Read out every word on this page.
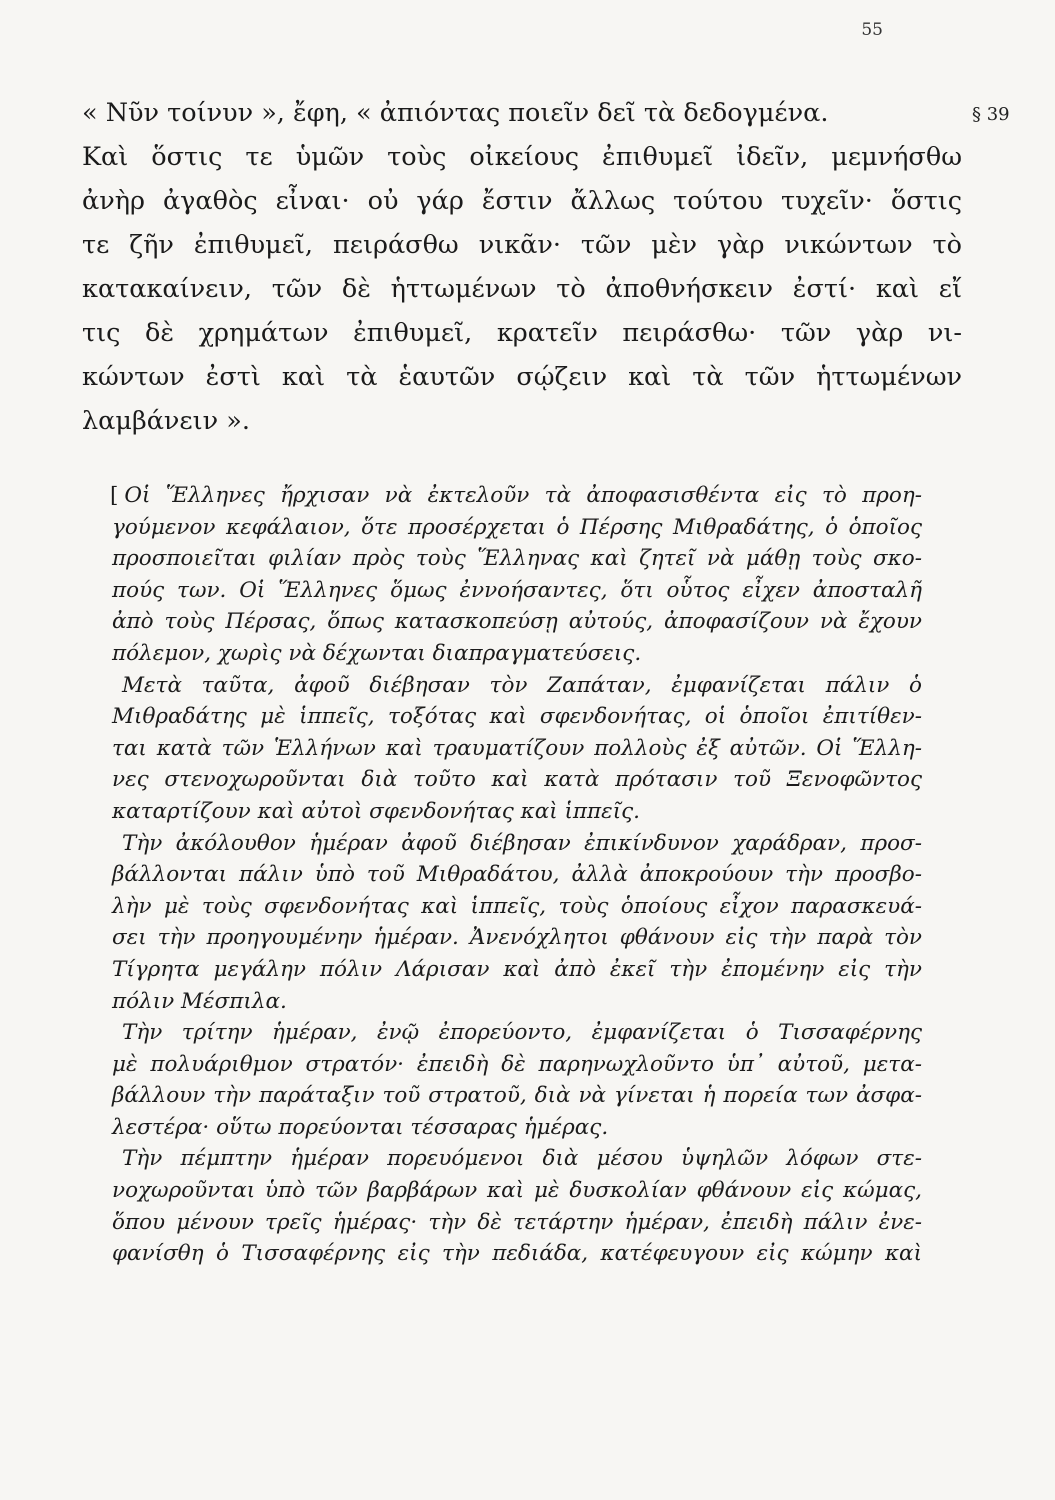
55
§ 39
« Νῦν τοίνυν », ἔφη, « ἀπιόντας ποιεῖν δεῖ τὰ δεδογμένα.
Καὶ ὅστις τε ὑμῶν τοὺς οἰκείους ἐπιθυμεῖ ἰδεῖν, μεμνήσθω
ἀνὴρ ἀγαθὸς εἶναι· οὐ γάρ ἔστιν ἄλλως τούτου τυχεῖν· ὅστις
τε ζῆν ἐπιθυμεῖ, πειράσθω νικᾶν· τῶν μὲν γὰρ νικώντων τὸ
κατακαίνειν, τῶν δὲ ἡττωμένων τὸ ἀποθνήσκειν ἐστί· καὶ εἴ
τις δὲ χρημάτων ἐπιθυμεῖ, κρατεῖν πειράσθω· τῶν γὰρ νι-
κώντων ἐστὶ καὶ τὰ ἑαυτῶν σῴζειν καὶ τὰ τῶν ἡττωμένων
λαμβάνειν ».
[ Οἱ Ἕλληνες ἤρχισαν νὰ ἐκτελοῦν τὰ ἀποφασισθέντα εἰς τὸ προη-
γούμενον κεφάλαιον, ὅτε προσέρχεται ὁ Πέρσης Μιθραδάτης, ὁ ὁποῖος
προσποιεῖται φιλίαν πρὸς τοὺς Ἕλληνας καὶ ζητεῖ νὰ μάθῃ τοὺς σκο-
πούς των. Οἱ Ἕλληνες ὅμως ἐννοήσαντες, ὅτι οὗτος εἶχεν ἀποσταλῆ
ἀπὸ τοὺς Πέρσας, ὅπως κατασκοπεύσῃ αὐτούς, ἀποφασίζουν νὰ ἔχουν
πόλεμον, χωρὶς νὰ δέχωνται διαπραγματεύσεις.
Μετὰ ταῦτα, ἀφοῦ διέβησαν τὸν Ζαπάταν, ἐμφανίζεται πάλιν ὁ
Μιθραδάτης μὲ ἱππεῖς, τοξότας καὶ σφενδονήτας, οἱ ὁποῖοι ἐπιτίθεν-
ται κατὰ τῶν Ἑλλήνων καὶ τραυματίζουν πολλοὺς ἐξ αὐτῶν. Οἱ Ἕλλη-
νες στενοχωροῦνται διὰ τοῦτο καὶ κατὰ πρότασιν τοῦ Ξενοφῶντος
καταρτίζουν καὶ αὐτοὶ σφενδονήτας καὶ ἱππεῖς.
Τὴν ἀκόλουθον ἡμέραν ἀφοῦ διέβησαν ἐπικίνδυνον χαράδραν, προσ-
βάλλονται πάλιν ὑπὸ τοῦ Μιθραδάτου, ἀλλὰ ἀποκρούουν τὴν προσβο-
λὴν μὲ τοὺς σφενδονήτας καὶ ἱππεῖς, τοὺς ὁποίους εἶχον παρασκευά-
σει τὴν προηγουμένην ἡμέραν. Ἀνενόχλητοι φθάνουν εἰς τὴν παρὰ τὸν
Τίγρητα μεγάλην πόλιν Λάρισαν καὶ ἀπὸ ἐκεῖ τὴν ἐπομένην εἰς τὴν
πόλιν Μέσπιλα.
Τὴν τρίτην ἡμέραν, ἐνῷ ἐπορεύοντο, ἐμφανίζεται ὁ Τισσαφέρνης
μὲ πολυάριθμον στρατόν· ἐπειδὴ δὲ παρηνωχλοῦντο ὑπ᾽ αὐτοῦ, μετα-
βάλλουν τὴν παράταξιν τοῦ στρατοῦ, διὰ νὰ γίνεται ἡ πορεία των ἀσφα-
λεστέρα· οὕτω πορεύονται τέσσαρας ἡμέρας.
Τὴν πέμπτην ἡμέραν πορευόμενοι διὰ μέσου ὑψηλῶν λόφων στε-
νοχωροῦνται ὑπὸ τῶν βαρβάρων καὶ μὲ δυσκολίαν φθάνουν εἰς κώμας,
ὅπου μένουν τρεῖς ἡμέρας· τὴν δὲ τετάρτην ἡμέραν, ἐπειδὴ πάλιν ἐνε-
φανίσθη ὁ Τισσαφέρνης εἰς τὴν πεδιάδα, κατέφευγουν εἰς κώμην καὶ
